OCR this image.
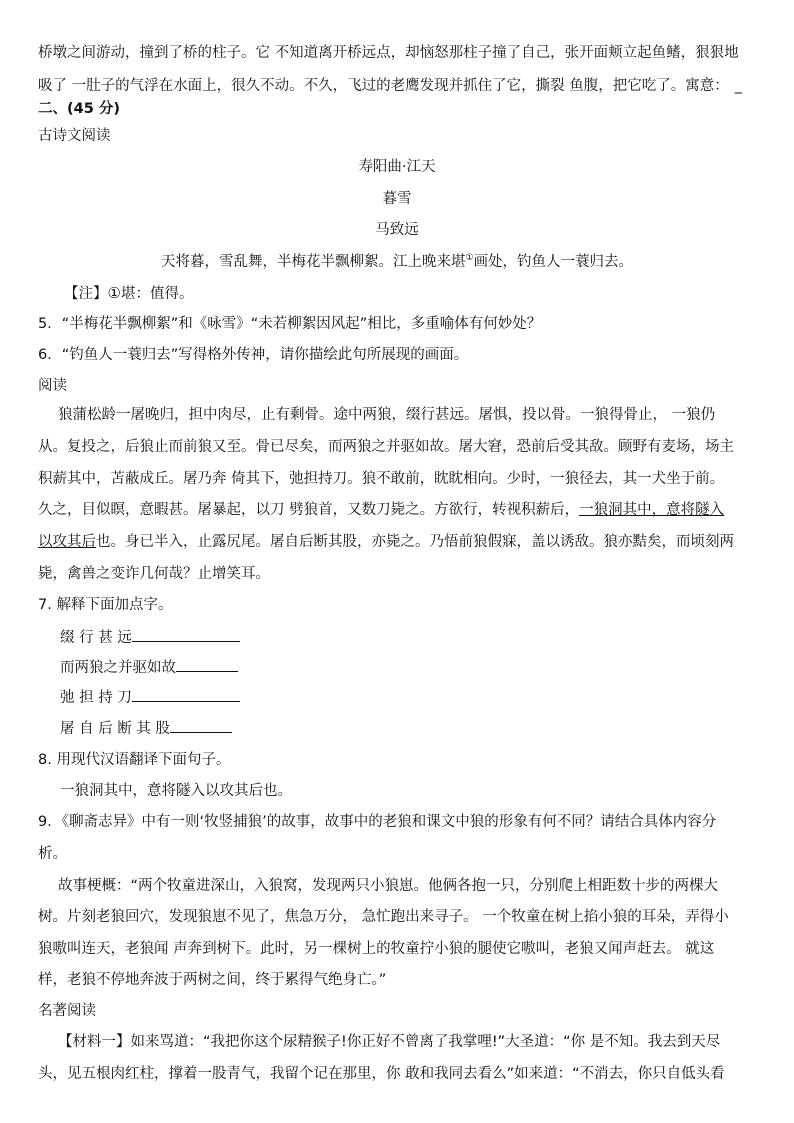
桥墩之间游动，撞到了桥的柱子。它 不知道离开桥远点，却恼怒那柱子撞了自己，张开面颊立起鱼鳍，狠狠地
吸了 一肚子的气浮在水面上，很久不动。不久，飞过的老鹰发现并抓住了它，撕裂 鱼腹，把它吃了。寓意： _
二、(45 分)
古诗文阅读
寿阳曲·江天
暮雪
马致远
天将暮，雪乱舞，半梅花半飘柳絮。江上晚来堪①画处，钓鱼人一蓑归去。
【注】①堪：值得。
5．“半梅花半飘柳絮”和《咏雪》“未若柳絮因风起”相比，多重喻体有何妙处？
6．“钓鱼人一蓑归去”写得格外传神，请你描绘此句所展现的画面。
阅读
狼蒲松龄一屠晚归，担中肉尽，止有剩骨。途中两狼，缀行甚远。屠惧，投以骨。一狼得骨止， 一狼仍
从。复投之，后狼止而前狼又至。骨已尽矣，而两狼之并驱如故。屠大窘，恐前后受其敌。顾野有麦场，场主
积薪其中，苫蔽成丘。屠乃奔 倚其下，弛担持刀。狼不敢前，眈眈相向。少时，一狼径去，其一犬坐于前。
久之，目似瞑，意暇甚。屠暴起，以刀 劈狼首，又数刀毙之。方欲行，转视积薪后，一狼洞其中，意将隧入
以攻其后也。身已半入，止露尻尾。屠自后断其股，亦毙之。乃悟前狼假寐，盖以诱敌。狼亦黠矣，而顷刻两
毙，禽兽之变诈几何哉？止增笑耳。
7. 解释下面加点字。
缀 行 甚 远
而两狼之并驱如故
弛 担 持 刀
屠 自 后 断 其 股
8. 用现代汉语翻译下面句子。
一狼洞其中，意将隧入以攻其后也。
9．《聊斋志异》中有一则‘牧竖捕狼’的故事，故事中的老狼和课文中狼的形象有何不同？请结合具体内容分
析。
故事梗概：“两个牧童进深山，入狼窝，发现两只小狼崽。他俩各抱一只，分别爬上相距数十步的两棵大
树。片刻老狼回穴，发现狼崽不见了，焦急万分， 急忙跑出来寻子。 一个牧童在树上掐小狼的耳朵，弄得小
狼嗷叫连天，老狼闻 声奔到树下。此时，另一棵树上的牧童拧小狼的腿使它嗷叫，老狼又闻声赶去。 就这
样，老狼不停地奔波于两树之间，终于累得气绝身亡。”
名著阅读
【材料一】如来骂道：“我把你这个尿精猴子!你正好不曾离了我掌哩!”大圣道：“你 是不知。我去到天尽
头，见五根肉红柱，撑着一股青气，我留个记在那里，你 敢和我同去看么”如来道：“不消去，你只自低头看
